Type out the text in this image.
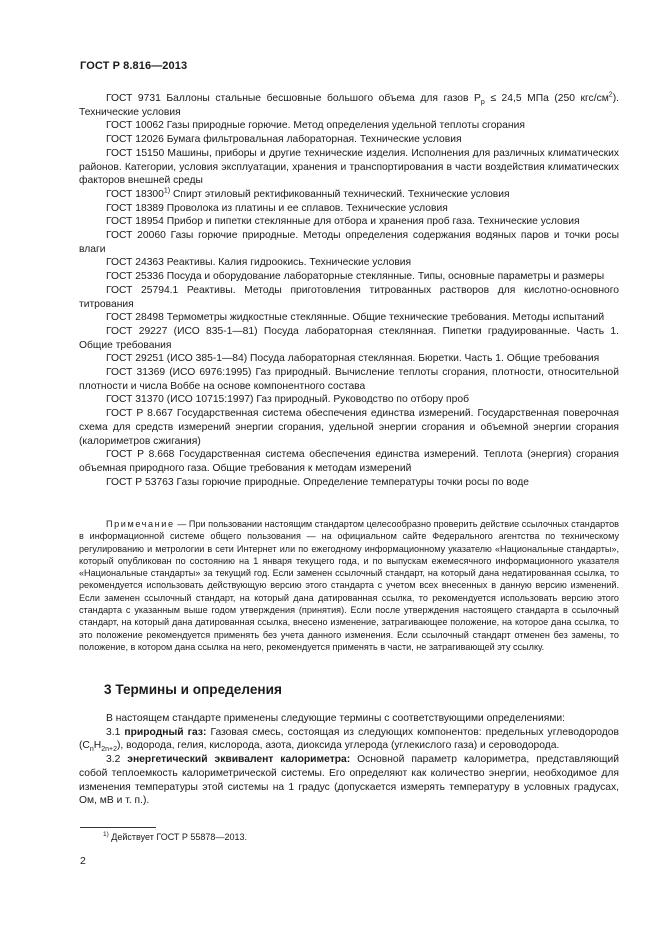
ГОСТ Р 8.816—2013

ГОСТ 9731 Баллоны стальные бесшовные большого объема для газов $P_p \le 24,5$ МПа (250 кгс/$см^2$). Технические условия

ГОСТ 10062 Газы природные горючие. Метод определения удельной теплоты сгорания

ГОСТ 12026 Бумага фильтровальная лабораторная. Технические условия

ГОСТ 15150 Машины, приборы и другие технические изделия. Исполнения для различных климатических районов. Категории, условия эксплуатации, хранения и транспортирования в части воздействия климатических факторов внешней среды

ГОСТ 18300$^{1)}$ Спирт этиловый ректификованный технический. Технические условия

ГОСТ 18389 Проволока из платины и ее сплавов. Технические условия

ГОСТ 18954 Прибор и пипетки стеклянные для отбора и хранения проб газа. Технические условия

ГОСТ 20060 Газы горючие природные. Методы определения содержания водяных паров и точки росы влаги

ГОСТ 24363 Реактивы. Калия гидроокись. Технические условия

ГОСТ 25336 Посуда и оборудование лабораторные стеклянные. Типы, основные параметры и размеры

ГОСТ 25794.1 Реактивы. Методы приготовления титрованных растворов для кислотно-основного титрования

ГОСТ 28498 Термометры жидкостные стеклянные. Общие технические требования. Методы испытаний

ГОСТ 29227 (ИСО 835-1—81) Посуда лабораторная стеклянная. Пипетки градуированные. Часть 1. Общие требования

ГОСТ 29251 (ИСО 385-1—84) Посуда лабораторная стеклянная. Бюретки. Часть 1. Общие требования

ГОСТ 31369 (ИСО 6976:1995) Газ природный. Вычисление теплоты сгорания, плотности, относительной плотности и числа Воббе на основе компонентного состава

ГОСТ 31370 (ИСО 10715:1997) Газ природный. Руководство по отбору проб

ГОСТ Р 8.667 Государственная система обеспечения единства измерений. Государственная поверочная схема для средств измерений энергии сгорания, удельной энергии сгорания и объемной энергии сгорания (калориметров сжигания)

ГОСТ Р 8.668 Государственная система обеспечения единства измерений. Теплота (энергия) сгорания объемная природного газа. Общие требования к методам измерений

ГОСТ Р 53763 Газы горючие природные. Определение температуры точки росы по воде

Примечание — При пользовании настоящим стандартом целесообразно проверить действие ссылочных стандартов в информационной системе общего пользования — на официальном сайте Федерального агентства по техническому регулированию и метрологии в сети Интернет или по ежегодному информационному указателю «Национальные стандарты», который опубликован по состоянию на 1 января текущего года, и по выпускам ежемесячного информационного указателя «Национальные стандарты» за текущий год. Если заменен ссылочный стандарт, на который дана недатированная ссылка, то рекомендуется использовать действующую версию этого стандарта с учетом всех внесенных в данную версию изменений. Если заменен ссылочный стандарт, на который дана датированная ссылка, то рекомендуется использовать версию этого стандарта с указанным выше годом утверждения (принятия). Если после утверждения настоящего стандарта в ссылочный стандарт, на который дана датированная ссылка, внесено изменение, затрагивающее положение, на которое дана ссылка, то это положение рекомендуется применять без учета данного изменения. Если ссылочный стандарт отменен без замены, то положение, в котором дана ссылка на него, рекомендуется применять в части, не затрагивающей эту ссылку.

3 Термины и определения

В настоящем стандарте применены следующие термины с соответствующими определениями:

3.1 природный газ: Газовая смесь, состоящая из следующих компонентов: предельных углеводородов $(C_nH_{2n+2})$, водорода, гелия, кислорода, азота, диоксида углерода (углекислого газа) и сероводорода.

3.2 энергетический эквивалент калориметра: Основной параметр калориметра, представляющий собой теплоемкость калориметрической системы. Его определяют как количество энергии, необходимое для изменения температуры этой системы на 1 градус (допускается измерять температуру в условных градусах, Ом, мВ и т. п.).

$^{1)}$ Действует ГОСТ Р 55878—2013.
2
